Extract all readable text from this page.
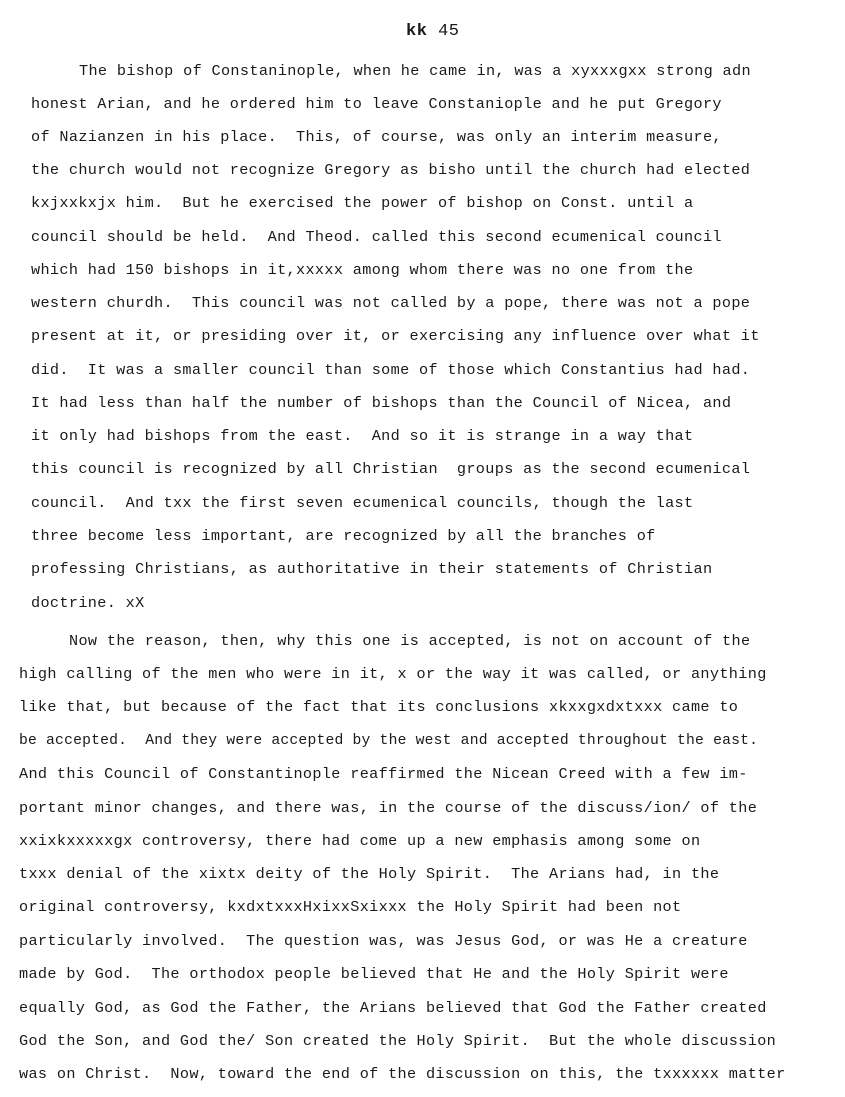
kk 45
The bishop of Constaninople, when he came in, was a xyxxxgxx strong adn
honest Arian, and he ordered him to leave Constaniople and he put Gregory
of Nazianzen in his place.  This, of course, was only an interim measure,
the church would not recognize Gregory as bisho until the church had elected
kxjxxkxjx him.  But he exercised the power of bishop on Const. until a
council should be held.  And Theod. called this second ecumenical council
which had 150 bishops in it,xxxxx among whom there was no one from the
western churdh.  This council was not called by a pope, there was not a pope
present at it, or presiding over it, or exercising any influence over what it
did.  It was a smaller council than some of those which Constantius had had.
It had less than half the number of bishops than the Council of Nicea, and
it only had bishops from the east.  And so it is strange in a way that
this council is recognized by all Christian  groups as the second ecumenical
council.  And txx the first seven ecumenical councils, though the last
three become less important, are recognized by all the branches of
professing Christians, as authoritative in their statements of Christian
doctrine. xX
Now the reason, then, why this one is accepted, is not on account of the
high calling of the men who were in it, x or the way it was called, or anything
like that, but because of the fact that its conclusions xkxxgxdxtxxx came to
be accepted.  And they were accepted by the west and accepted throughout the east.
And this Council of Constantinople reaffirmed the Nicean Creed with a few im-
portant minor changes, and there was, in the course of the discuss/ion/ of the
xxixkxxxxxgx controversy, there had come up a new emphasis among some on
txxx denial of the xixtx deity of the Holy Spirit.  The Arians had, in the
original controversy, kxdxtxxxHxixxSxixxx the Holy Spirit had been not
particularly involved.  The question was, was Jesus God, or was He a creature
made by God.  The orthodox people believed that He and the Holy Spirit were
equally God, as God the Father, the Arians believed that God the Father created
God the Son, and God the/ Son created the Holy Spirit.  But the whole discussion
was on Christ.  Now, toward the end of the discussion on this, the txxxxxx matter
